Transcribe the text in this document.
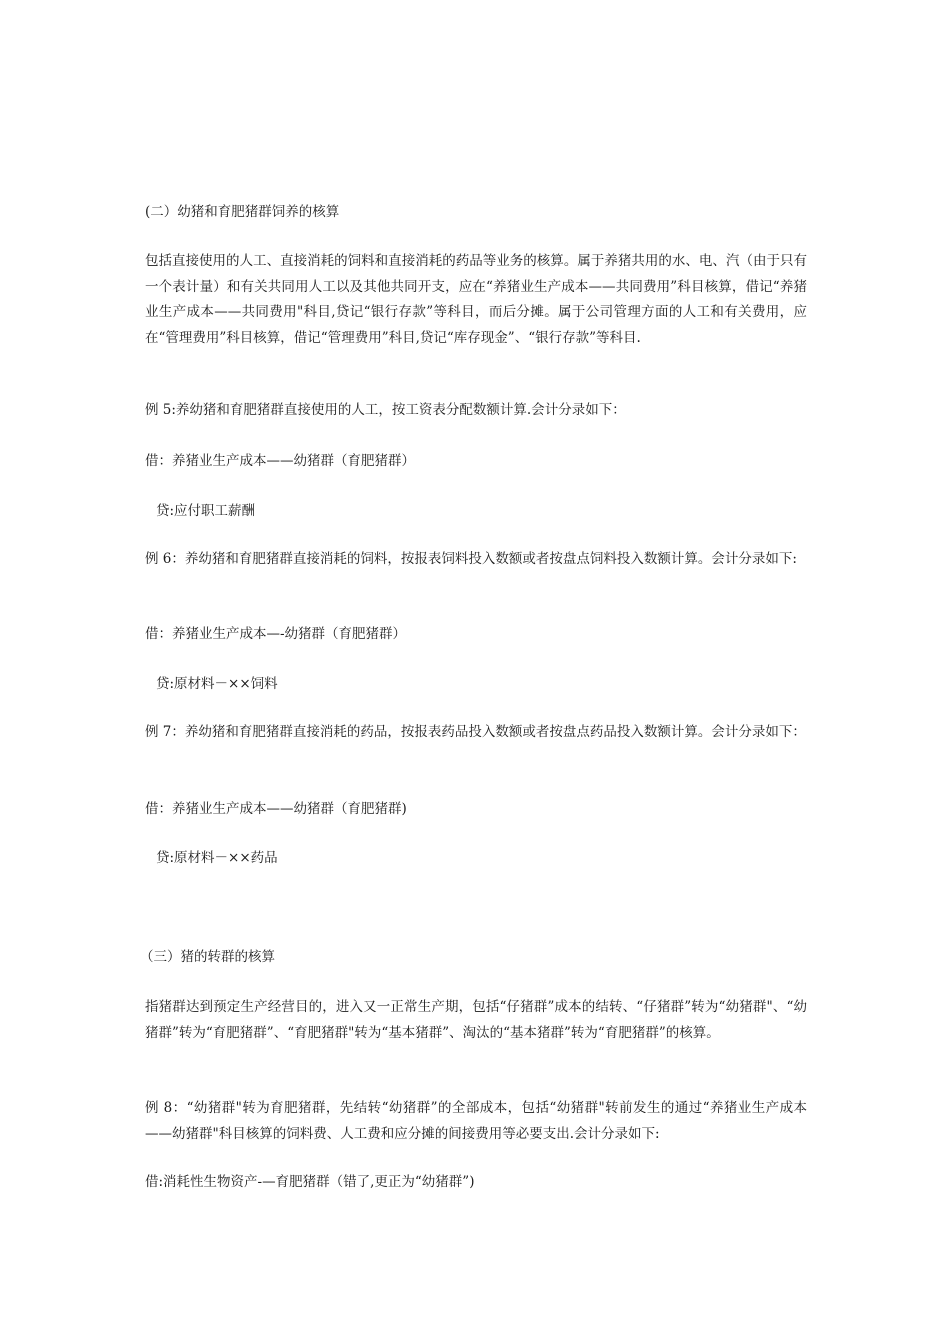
(二）幼猪和育肥猪群饲养的核算

包括直接使用的人工、直接消耗的饲料和直接消耗的药品等业务的核算。属于养猪共用的水、电、汽（由于只有一个表计量）和有关共同用人工以及其他共同开支，应在“养猪业生产成本——共同费用”科目核算，借记“养猪业生产成本——共同费用"科目,贷记“银行存款”等科目，而后分摊。属于公司管理方面的人工和有关费用，应在“管理费用”科目核算，借记“管理费用”科目,贷记“库存现金”、“银行存款”等科目.

例 5:养幼猪和育肥猪群直接使用的人工，按工资表分配数额计算.会计分录如下：

借：养猪业生产成本——幼猪群（育肥猪群）

贷:应付职工薪酬

例 6：养幼猪和育肥猪群直接消耗的饲料，按报表饲料投入数额或者按盘点饲料投入数额计算。会计分录如下:

借：养猪业生产成本—-幼猪群（育肥猪群）

贷:原材料－××饲料

例 7：养幼猪和育肥猪群直接消耗的药品，按报表药品投入数额或者按盘点药品投入数额计算。会计分录如下：

借：养猪业生产成本——幼猪群（育肥猪群)

贷:原材料－××药品

（三）猪的转群的核算

指猪群达到预定生产经营目的，进入又一正常生产期，包括“仔猪群”成本的结转、“仔猪群”转为“幼猪群"、“幼猪群”转为“育肥猪群”、“育肥猪群"转为“基本猪群”、淘汰的“基本猪群”转为“育肥猪群”的核算。

例 8：“幼猪群"转为育肥猪群，先结转“幼猪群”的全部成本，包括“幼猪群"转前发生的通过“养猪业生产成本——幼猪群"科目核算的饲料费、人工费和应分摊的间接费用等必要支出.会计分录如下:

借:消耗性生物资产-—育肥猪群（错了,更正为“幼猪群”)
